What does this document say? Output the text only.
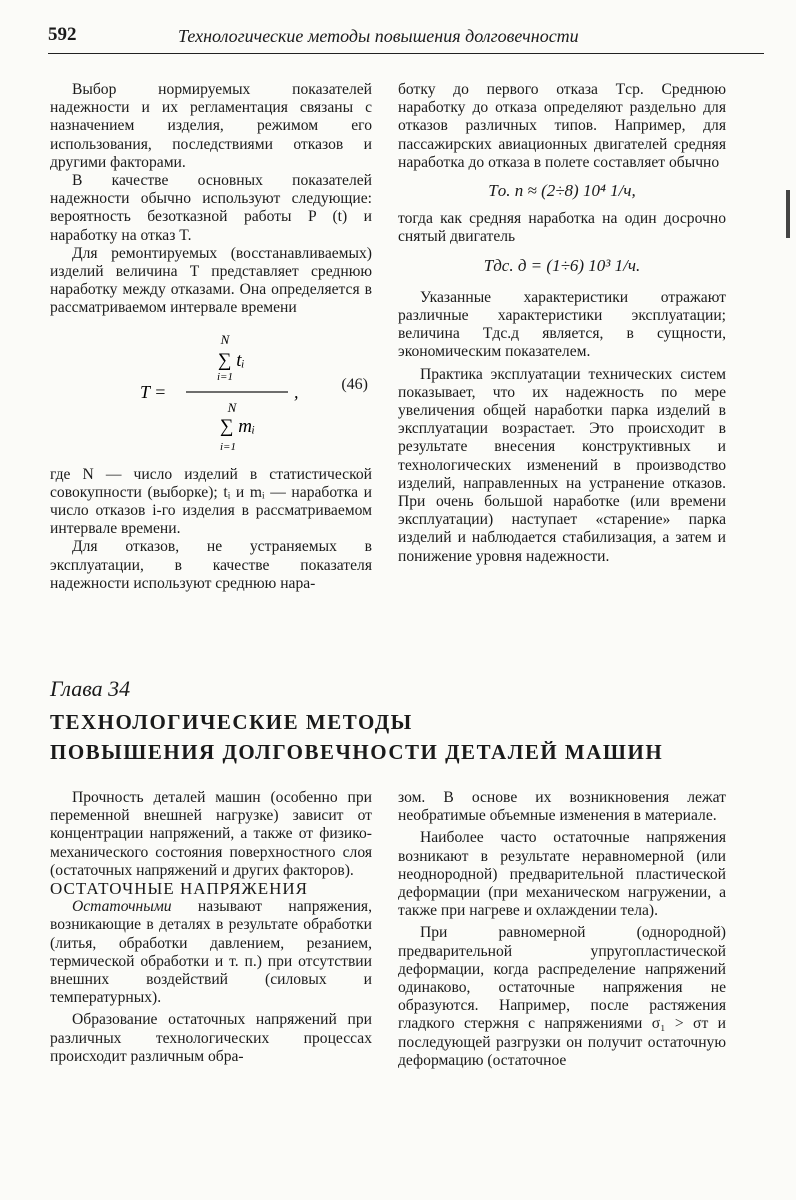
592	Технологические методы повышения долговечности

Выбор нормируемых показателей надежности и их регламентация связаны с назначением изделия, режимом его использования, последствиями отказов и другими факторами.

В качестве основных показателей надежности обычно используют следующие: вероятность безотказной работы P (t) и наработку на отказ T.

Для ремонтируемых (восстанавливаемых) изделий величина T представляет среднюю наработку между отказами. Она определяется в рассматриваемом интервале времени

T =
N
∑ tᵢ
i=1
N
∑ mᵢ
i=1
,	(46)

где N — число изделий в статистической совокупности (выборке); tᵢ и mᵢ — наработка и число отказов i-го изделия в рассматриваемом интервале времени.

Для отказов, не устраняемых в эксплуатации, в качестве показателя надежности используют среднюю нара-

ботку до первого отказа Tср. Среднюю наработку до отказа определяют раздельно для отказов различных типов. Например, для пассажирских авиационных двигателей средняя наработка до отказа в полете составляет обычно

Tо. п ≈ (2÷8) 10⁴ 1/ч,

тогда как средняя наработка на один досрочно снятый двигатель

Tдс. д = (1÷6) 10³ 1/ч.

Указанные характеристики отражают различные характеристики эксплуатации; величина Tдс.д является, в сущности, экономическим показателем.

Практика эксплуатации технических систем показывает, что их надежность по мере увеличения общей наработки парка изделий в эксплуатации возрастает. Это происходит в результате внесения конструктивных и технологических изменений в производство изделий, направленных на устранение отказов. При очень большой наработке (или времени эксплуатации) наступает «старение» парка изделий и наблюдается стабилизация, а затем и понижение уровня надежности.

Глава 34
ТЕХНОЛОГИЧЕСКИЕ МЕТОДЫ
ПОВЫШЕНИЯ ДОЛГОВЕЧНОСТИ ДЕТАЛЕЙ МАШИН

Прочность деталей машин (особенно при переменной внешней нагрузке) зависит от концентрации напряжений, а также от физико-механического состояния поверхностного слоя (остаточных напряжений и других факторов).

ОСТАТОЧНЫЕ НАПРЯЖЕНИЯ

Остаточными называют напряжения, возникающие в деталях в результате обработки (литья, обработки давлением, резанием, термической обработки и т. п.) при отсутствии внешних воздействий (силовых и температурных).

Образование остаточных напряжений при различных технологических процессах происходит различным обра-

зом. В основе их возникновения лежат необратимые объемные изменения в материале.

Наиболее часто остаточные напряжения возникают в результате неравномерной (или неоднородной) предварительной пластической деформации (при механическом нагружении, а также при нагреве и охлаждении тела).

При равномерной (однородной) предварительной упругопластической деформации, когда распределение напряжений одинаково, остаточные напряжения не образуются. Например, после растяжения гладкого стержня с напряжениями σ₁ > σт и последующей разгрузки он получит остаточную деформацию (остаточное
